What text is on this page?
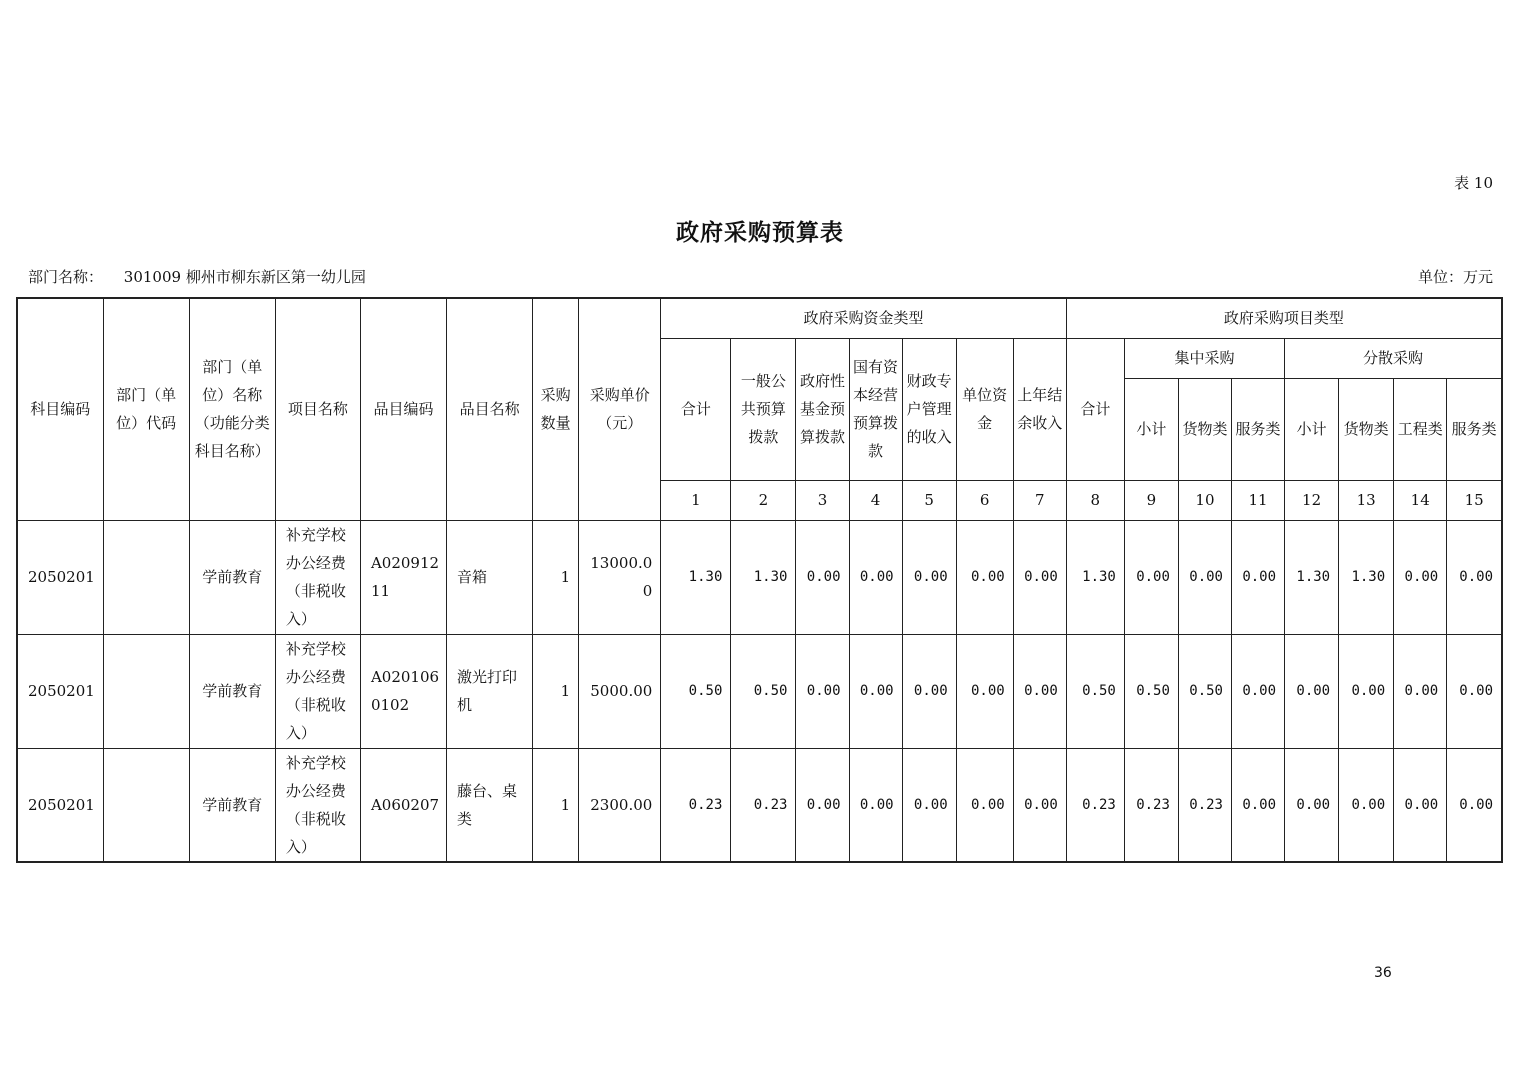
表 10
政府采购预算表
部门名称： 301009 柳州市柳东新区第一幼儿园	单位：万元
科目编码	部门（单位）代码	部门（单位）名称（功能分类科目名称）	项目名称	品目编码	品目名称	采购数量	采购单价（元）	政府采购资金类型							政府采购项目类型							
								合计	一般公共预算拨款	政府性基金预算拨款	国有资本经营预算拨款	财政专户管理的收入	单位资金	上年结余收入	合计	集中采购			分散采购			
																小计	货物类	服务类	小计	货物类	工程类	服务类
								1	2	3	4	5	6	7	8	9	10	11	12	13	14	15
2050201		学前教育	补充学校办公经费（非税收入）	A02091211	音箱	1	13000.00	1.30	1.30	0.00	0.00	0.00	0.00	0.00	1.30	0.00	0.00	0.00	1.30	1.30	0.00	0.00
2050201		学前教育	补充学校办公经费（非税收入）	A0201060102	激光打印机	1	5000.00	0.50	0.50	0.00	0.00	0.00	0.00	0.00	0.50	0.50	0.50	0.00	0.00	0.00	0.00	0.00
2050201		学前教育	补充学校办公经费（非税收入）	A060207	藤台、桌类	1	2300.00	0.23	0.23	0.00	0.00	0.00	0.00	0.00	0.23	0.23	0.23	0.00	0.00	0.00	0.00	0.00
36
